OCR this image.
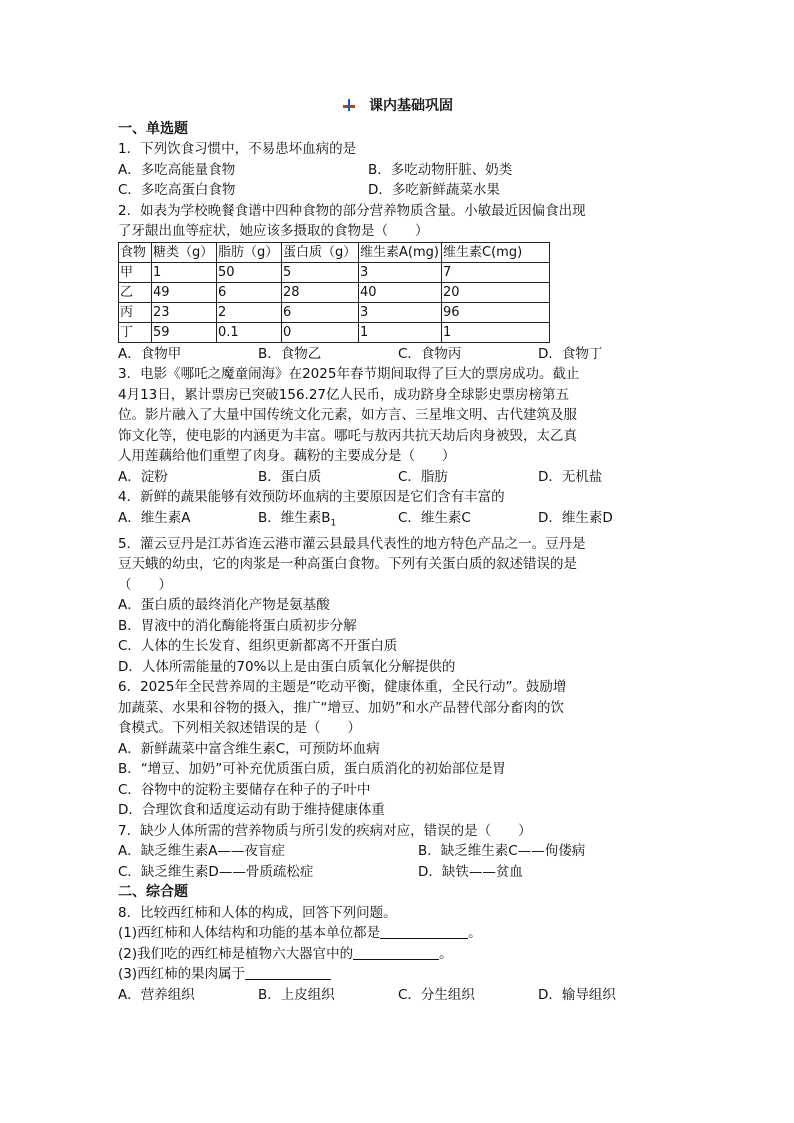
课内基础巩固
一、单选题
1．下列饮食习惯中，不易患坏血病的是
A．多吃高能量食物	B．多吃动物肝脏、奶类
C．多吃高蛋白食物	D．多吃新鲜蔬菜水果
2．如表为学校晚餐食谱中四种食物的部分营养物质含量。小敏最近因偏食出现
了牙龈出血等症状，她应该多摄取的食物是（　　）
食物	糖类（g）	脂肪（g）	蛋白质（g）	维生素A(mg)	维生素C(mg)
甲	1	50	5	3	7
乙	49	6	28	40	20
丙	23	2	6	3	96
丁	59	0.1	0	1	1
A．食物甲	B．食物乙	C．食物丙	D．食物丁
3．电影《哪吒之魔童闹海》在2025年春节期间取得了巨大的票房成功。截止
4月13日，累计票房已突破156.27亿人民币，成功跻身全球影史票房榜第五
位。影片融入了大量中国传统文化元素，如方言、三星堆文明、古代建筑及服
饰文化等，使电影的内涵更为丰富。哪吒与敖丙共抗天劫后肉身被毁，太乙真
人用莲藕给他们重塑了肉身。藕粉的主要成分是（　　）
A．淀粉	B．蛋白质	C．脂肪	D．无机盐
4．新鲜的蔬果能够有效预防坏血病的主要原因是它们含有丰富的
A．维生素A	B．维生素$B_1$	C．维生素C	D．维生素D
5．灌云豆丹是江苏省连云港市灌云县最具代表性的地方特色产品之一。豆丹是
豆天蛾的幼虫，它的肉浆是一种高蛋白食物。下列有关蛋白质的叙述错误的是
（　　）
A．蛋白质的最终消化产物是氨基酸
B．胃液中的消化酶能将蛋白质初步分解
C．人体的生长发育、组织更新都离不开蛋白质
D．人体所需能量的70%以上是由蛋白质氧化分解提供的
6．2025年全民营养周的主题是“吃动平衡，健康体重，全民行动”。鼓励增
加蔬菜、水果和谷物的摄入，推广“增豆、加奶”和水产品替代部分畜肉的饮
食模式。下列相关叙述错误的是（　　）
A．新鲜蔬菜中富含维生素C，可预防坏血病
B．“增豆、加奶”可补充优质蛋白质，蛋白质消化的初始部位是胃
C．谷物中的淀粉主要储存在种子的子叶中
D．合理饮食和适度运动有助于维持健康体重
7．缺少人体所需的营养物质与所引发的疾病对应，错误的是（　　）
A．缺乏维生素A——夜盲症	B．缺乏维生素C——佝偻病
C．缺乏维生素D——骨质疏松症	D．缺铁——贫血
二、综合题
8．比较西红柿和人体的构成，回答下列问题。
(1)西红柿和人体结构和功能的基本单位都是	。
(2)我们吃的西红柿是植物六大器官中的	。
(3)西红柿的果肉属于
A．营养组织	B．上皮组织	C．分生组织	D．输导组织
